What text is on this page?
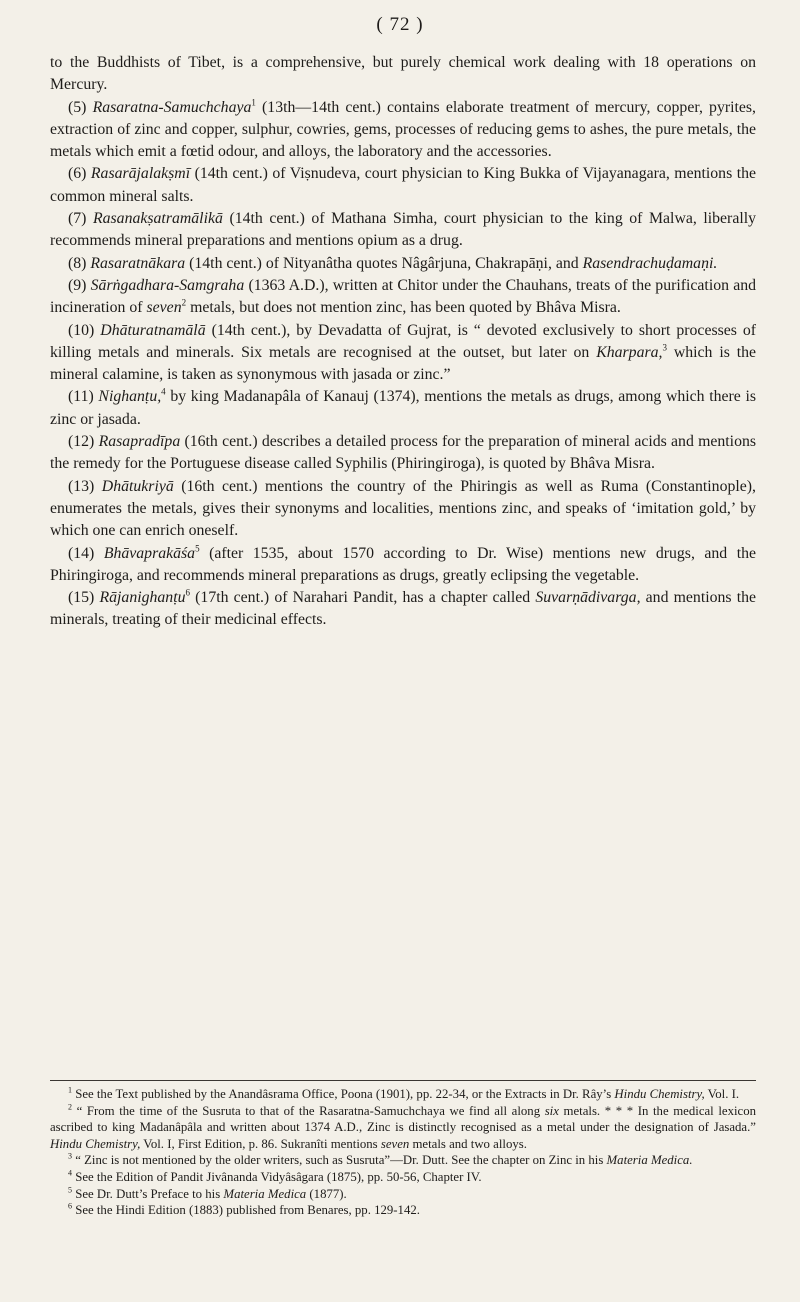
( 72 )

to the Buddhists of Tibet, is a comprehensive, but purely chemical work dealing with 18 operations on Mercury.

(5) Rasaratna-Samuchchaya$^1$ (13th—14th cent.) contains elaborate treatment of mercury, copper, pyrites, extraction of zinc and copper, sulphur, cowries, gems, processes of reducing gems to ashes, the pure metals, the metals which emit a fœtid odour, and alloys, the laboratory and the accessories.

(6) Rasarājalakṣmī (14th cent.) of Viṣnudeva, court physician to King Bukka of Vijayanagara, mentions the common mineral salts.

(7) Rasanakṣatramālikā (14th cent.) of Mathana Simha, court physician to the king of Malwa, liberally recommends mineral preparations and mentions opium as a drug.

(8) Rasaratnākara (14th cent.) of Nityanâtha quotes Nâgârjuna, Chakrapāṇi, and Rasendrachuḍamaṇi.

(9) Sārṅgadhara-Samgraha (1363 A.D.), written at Chitor under the Chauhans, treats of the purification and incineration of seven$^2$ metals, but does not mention zinc, has been quoted by Bhâva Misra.

(10) Dhāturatnamālā (14th cent.), by Devadatta of Gujrat, is “ devoted exclusively to short processes of killing metals and minerals. Six metals are recognised at the outset, but later on Kharpara,$^3$ which is the mineral calamine, is taken as synonymous with jasada or zinc.”

(11) Nighanṭu,$^4$ by king Madanapâla of Kanauj (1374), mentions the metals as drugs, among which there is zinc or jasada.

(12) Rasapradīpa (16th cent.) describes a detailed process for the preparation of mineral acids and mentions the remedy for the Portuguese disease called Syphilis (Phiringiroga), is quoted by Bhâva Misra.

(13) Dhātukriyā (16th cent.) mentions the country of the Phiringis as well as Ruma (Constantinople), enumerates the metals, gives their synonyms and localities, mentions zinc, and speaks of ‘imitation gold,’ by which one can enrich oneself.

(14) Bhāvaprakāśa$^5$ (after 1535, about 1570 according to Dr. Wise) mentions new drugs, and the Phiringiroga, and recommends mineral preparations as drugs, greatly eclipsing the vegetable.

(15) Rājanighanṭu$^6$ (17th cent.) of Narahari Pandit, has a chapter called Suvarṇādivarga, and mentions the minerals, treating of their medicinal effects.

$^1$ See the Text published by the Anandâsrama Office, Poona (1901), pp. 22-34, or the Extracts in Dr. Rây’s Hindu Chemistry, Vol. I.

$^2$ “ From the time of the Susruta to that of the Rasaratna-Samuchchaya we find all along six metals. * * * In the medical lexicon ascribed to king Madanâpâla and written about 1374 A.D., Zinc is distinctly recognised as a metal under the designation of Jasada.” Hindu Chemistry, Vol. I, First Edition, p. 86. Sukranîti mentions seven metals and two alloys.

$^3$ “ Zinc is not mentioned by the older writers, such as Susruta”—Dr. Dutt. See the chapter on Zinc in his Materia Medica.

$^4$ See the Edition of Pandit Jivânanda Vidyâsâgara (1875), pp. 50-56, Chapter IV.

$^5$ See Dr. Dutt’s Preface to his Materia Medica (1877).

$^6$ See the Hindi Edition (1883) published from Benares, pp. 129-142.
